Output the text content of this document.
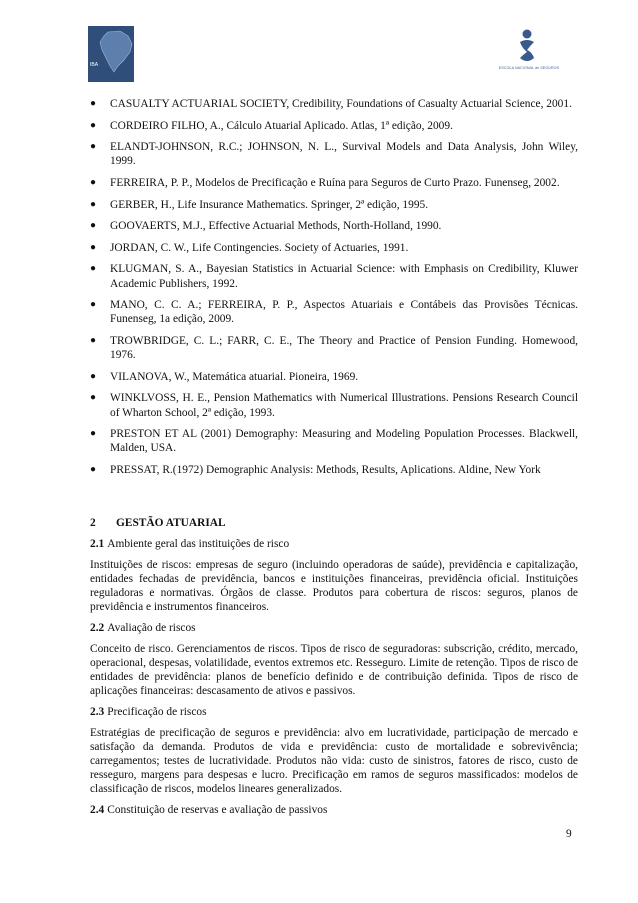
IBA	ESCOLA NACIONAL de SEGUROS
● CASUALTY ACTUARIAL SOCIETY, Credibility, Foundations of Casualty Actuarial Science, 2001.
● CORDEIRO FILHO, A., Cálculo Atuarial Aplicado. Atlas, 1ª edição, 2009.
● ELANDT-JOHNSON, R.C.; JOHNSON, N. L., Survival Models and Data Analysis, John Wiley, 1999.
● FERREIRA, P. P., Modelos de Precificação e Ruína para Seguros de Curto Prazo. Funenseg, 2002.
● GERBER, H., Life Insurance Mathematics. Springer, 2ª edição, 1995.
● GOOVAERTS, M.J., Effective Actuarial Methods, North-Holland, 1990.
● JORDAN, C. W., Life Contingencies. Society of Actuaries, 1991.
● KLUGMAN, S. A., Bayesian Statistics in Actuarial Science: with Emphasis on Credibility, Kluwer Academic Publishers, 1992.
● MANO, C. C. A.; FERREIRA, P. P., Aspectos Atuariais e Contábeis das Provisões Técnicas. Funenseg, 1a edição, 2009.
● TROWBRIDGE, C. L.; FARR, C. E., The Theory and Practice of Pension Funding. Homewood, 1976.
● VILANOVA, W., Matemática atuarial. Pioneira, 1969.
● WINKLVOSS, H. E., Pension Mathematics with Numerical Illustrations. Pensions Research Council of Wharton School, 2ª edição, 1993.
● PRESTON ET AL (2001) Demography: Measuring and Modeling Population Processes. Blackwell, Malden, USA.
● PRESSAT, R.(1972) Demographic Analysis: Methods, Results, Aplications. Aldine, New York
2 GESTÃO ATUARIAL
2.1 Ambiente geral das instituições de risco
Instituições de riscos: empresas de seguro (incluindo operadoras de saúde), previdência e capitalização, entidades fechadas de previdência, bancos e instituições financeiras, previdência oficial. Instituições reguladoras e normativas. Órgãos de classe. Produtos para cobertura de riscos: seguros, planos de previdência e instrumentos financeiros.
2.2 Avaliação de riscos
Conceito de risco. Gerenciamentos de riscos. Tipos de risco de seguradoras: subscrição, crédito, mercado, operacional, despesas, volatilidade, eventos extremos etc. Resseguro. Limite de retenção. Tipos de risco de entidades de previdência: planos de benefício definido e de contribuição definida. Tipos de risco de aplicações financeiras: descasamento de ativos e passivos.
2.3 Precificação de riscos
Estratégias de precificação de seguros e previdência: alvo em lucratividade, participação de mercado e satisfação da demanda. Produtos de vida e previdência: custo de mortalidade e sobrevivência; carregamentos; testes de lucratividade. Produtos não vida: custo de sinistros, fatores de risco, custo de resseguro, margens para despesas e lucro. Precificação em ramos de seguros massificados: modelos de classificação de riscos, modelos lineares generalizados.
2.4 Constituição de reservas e avaliação de passivos
9
